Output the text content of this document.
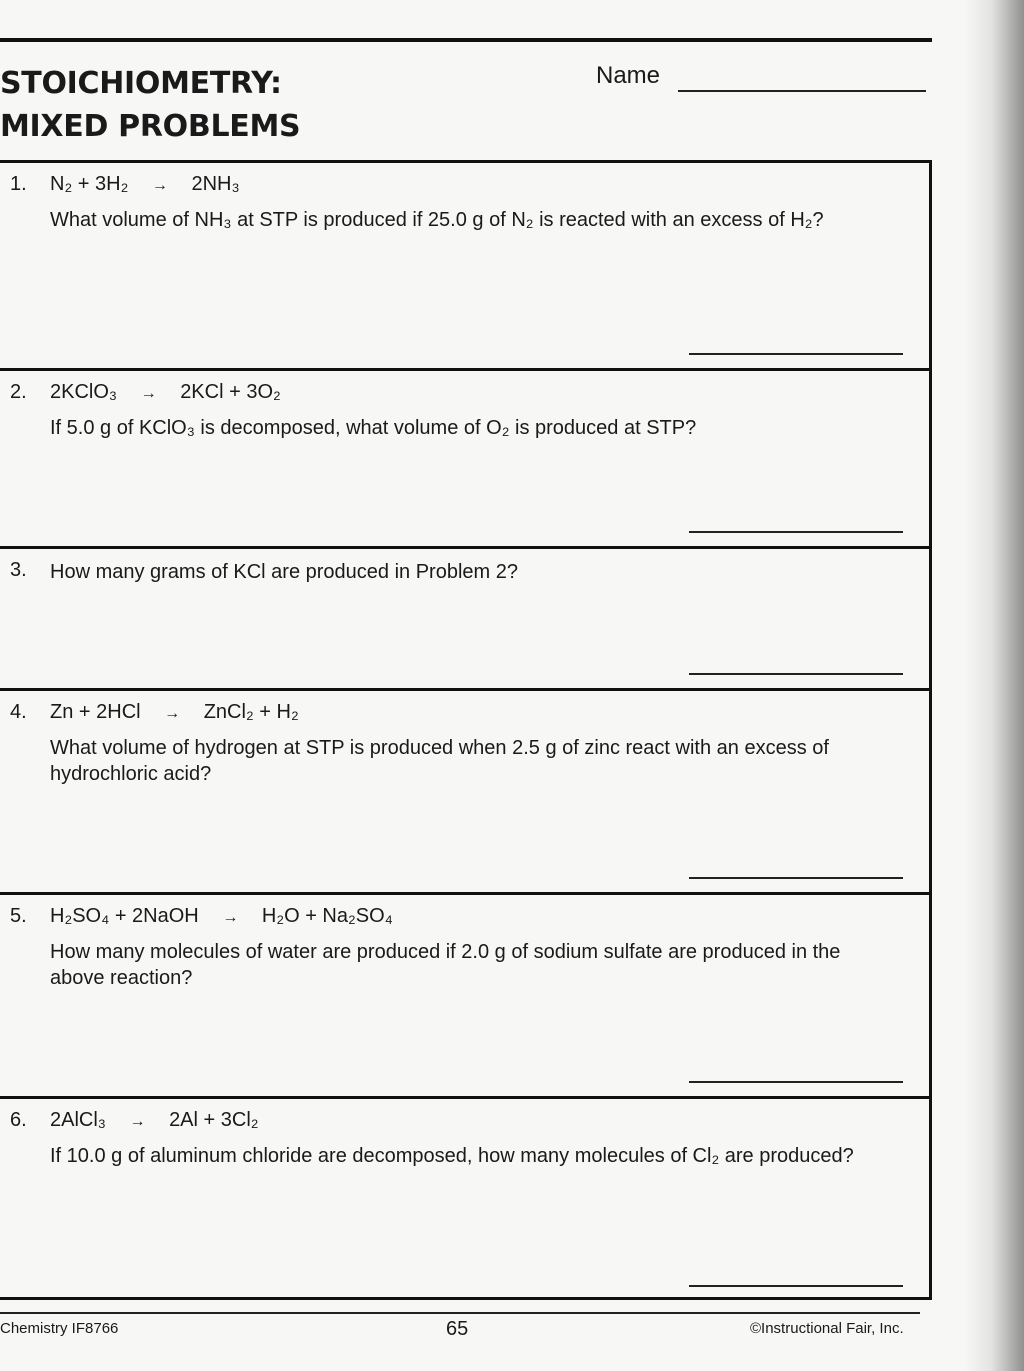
STOICHIOMETRY:
MIXED PROBLEMS
Name
1. N₂ + 3H₂ → 2NH₃

What volume of NH₃ at STP is produced if 25.0 g of N₂ is reacted with an excess of H₂?

2. 2KClO₃ → 2KCl + 3O₂

If 5.0 g of KClO₃ is decomposed, what volume of O₂ is produced at STP?

3. How many grams of KCl are produced in Problem 2?

4. Zn + 2HCl → ZnCl₂ + H₂

What volume of hydrogen at STP is produced when 2.5 g of zinc react with an excess of hydrochloric acid?

5. H₂SO₄ + 2NaOH → H₂O + Na₂SO₄

How many molecules of water are produced if 2.0 g of sodium sulfate are produced in the above reaction?

6. 2AlCl₃ → 2Al + 3Cl₂

If 10.0 g of aluminum chloride are decomposed, how many molecules of Cl₂ are produced?

Chemistry IF8766	65	©Instructional Fair, Inc.
